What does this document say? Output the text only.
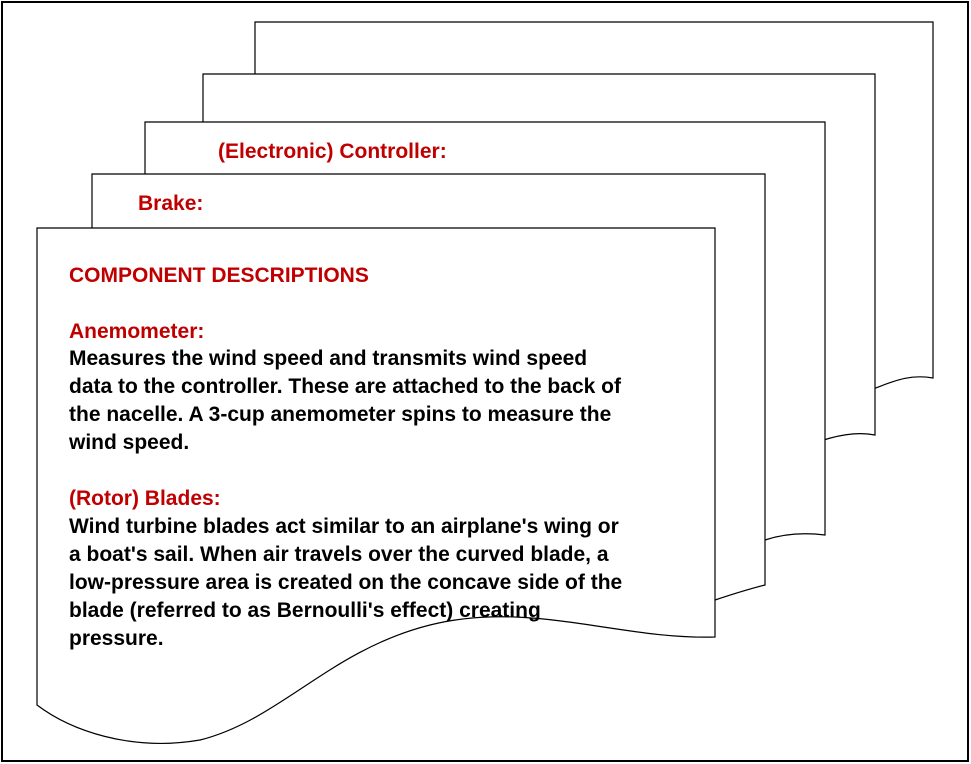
(Electronic) Controller:
Brake:
COMPONENT DESCRIPTIONS
Anemometer:
Measures the wind speed and transmits wind speed
data to the controller. These are attached to the back of
the nacelle. A 3-cup anemometer spins to measure the
wind speed.
(Rotor) Blades:
Wind turbine blades act similar to an airplane's wing or
a boat's sail. When air travels over the curved blade, a
low-pressure area is created on the concave side of the
blade (referred to as Bernoulli's effect) creating
pressure.
